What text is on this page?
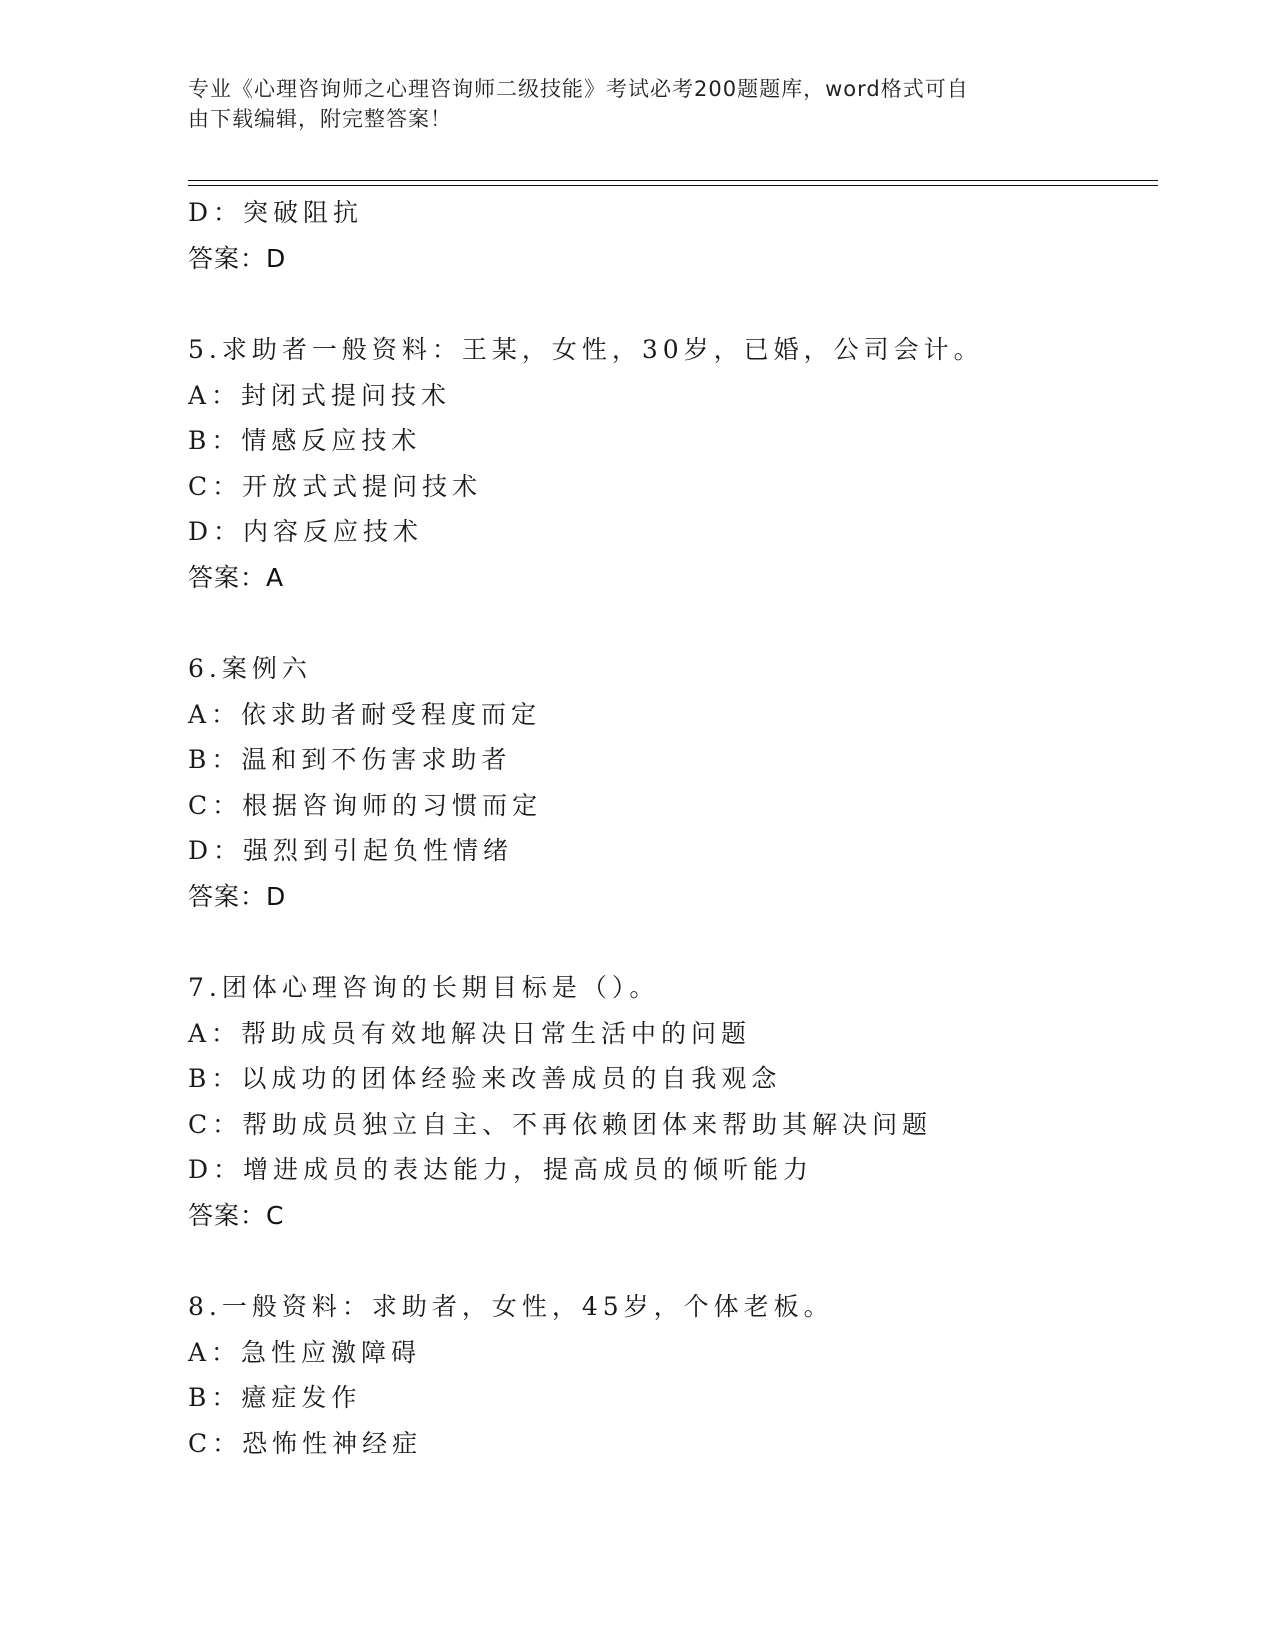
专业《心理咨询师之心理咨询师二级技能》考试必考200题题库，word格式可自
由下载编辑，附完整答案！
D：突破阻抗
答案：D
5.求助者一般资料：王某，女性，30岁，已婚，公司会计。
A：封闭式提问技术
B：情感反应技术
C：开放式式提问技术
D：内容反应技术
答案：A
6.案例六
A：依求助者耐受程度而定
B：温和到不伤害求助者
C：根据咨询师的习惯而定
D：强烈到引起负性情绪
答案：D
7.团体心理咨询的长期目标是（）。
A：帮助成员有效地解决日常生活中的问题
B：以成功的团体经验来改善成员的自我观念
C：帮助成员独立自主、不再依赖团体来帮助其解决问题
D：增进成员的表达能力，提高成员的倾听能力
答案：C
8.一般资料：求助者，女性，45岁，个体老板。
A：急性应激障碍
B：癔症发作
C：恐怖性神经症
